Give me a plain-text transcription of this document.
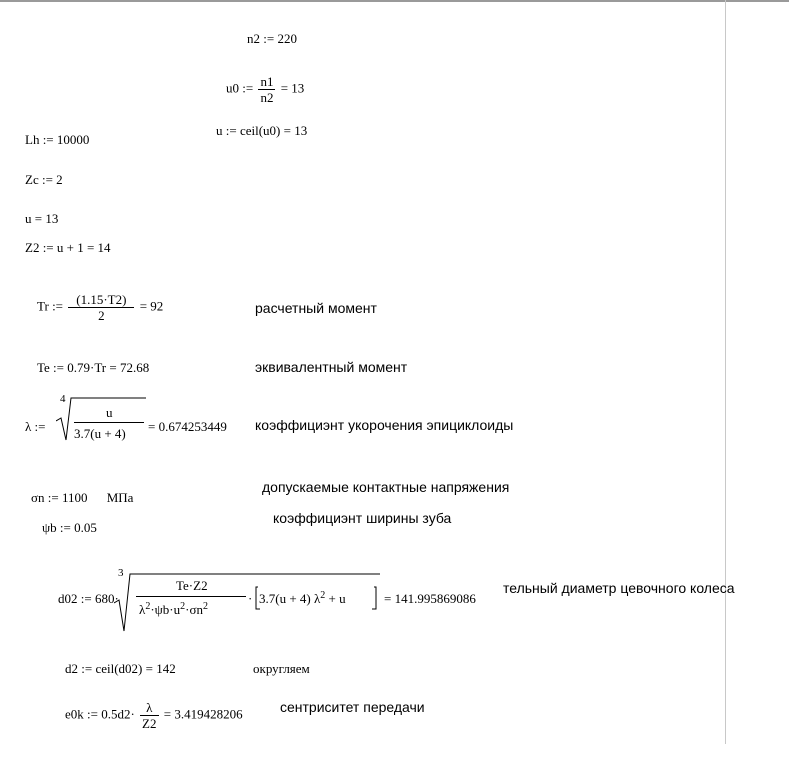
n2 := 220
u0 := $\frac{n1}{n2} = 13$
u := ceil(u0) = 13
Lh := 10000
Zc := 2
u = 13
Z2 := u + 1 = 14
Tr := $\frac{(1.15\cdot T2)}{2} = 92$	расчетный момент
Te := 0.79·Tr = 72.68	эквивалентный момент
λ :=
4
u
3.7(u + 4) = 0.674253449 коэффициэнт укорочения эпициклоиды
σn := 1100 МПа
допускаемые контактные напряжения
ψb := 0.05
коэффициэнт ширины зуба
d02 := 680·
3
Te·Z2
$\lambda^2\cdot\psi b\cdot u^2\cdot\sigma n^2$
· 3.7(u + 4) $\lambda^2 + u$	= 141.995869086
тельный диаметр цевочного колеса
d2 := ceil(d02) = 142	округляем
e0k := $0.5d2\cdot \frac{\lambda}{Z2} = 3.419428206$	сентриситет передачи
